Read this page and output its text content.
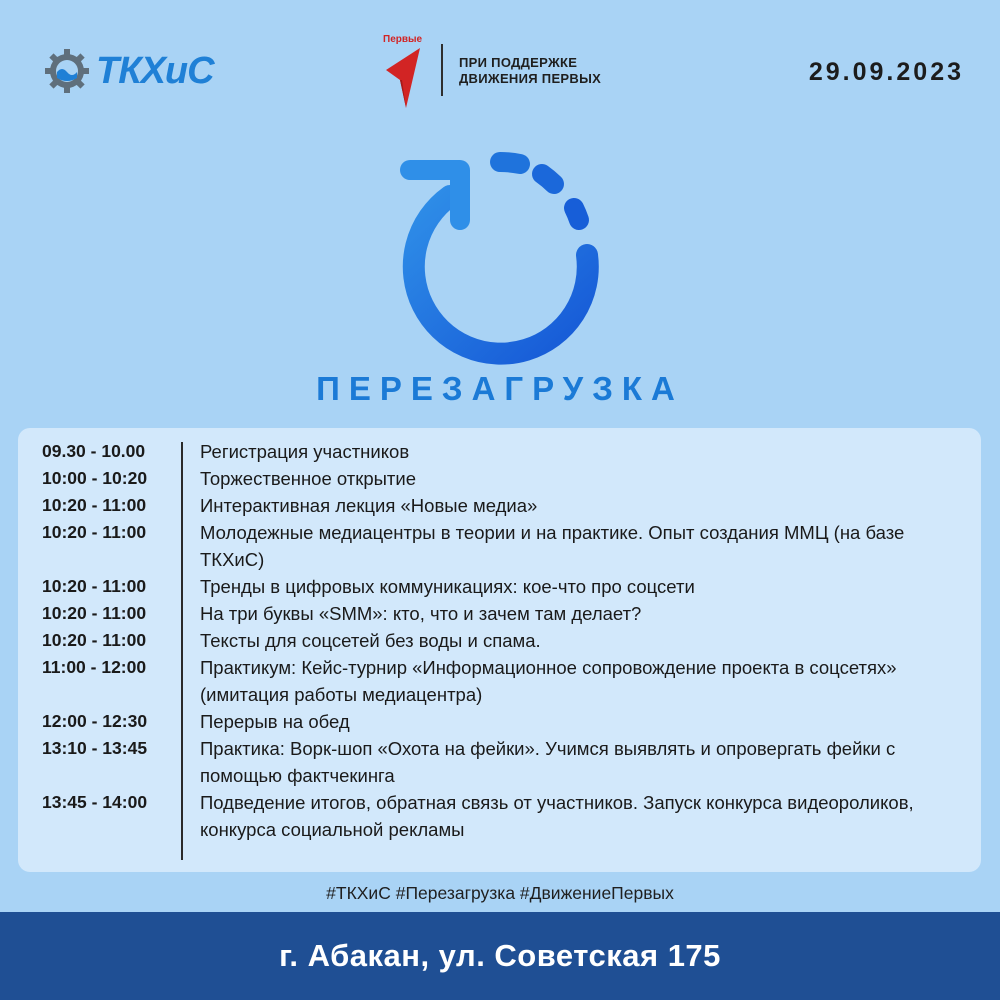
ТКХиС
Первые
ПРИ ПОДДЕРЖКЕ
ДВИЖЕНИЯ ПЕРВЫХ	29.09.2023
ПЕРЕЗАГРУЗКА
09.30 - 10.00	Регистрация участников
10:00 - 10:20	Торжественное открытие
10:20 - 11:00	Интерактивная лекция «Новые медиа»
10:20 - 11:00	Молодежные медиацентры в теории и на практике. Опыт создания ММЦ (на базе ТКХиС)
10:20 - 11:00	Тренды в цифровых коммуникациях: кое-что про соцсети
10:20 - 11:00	На три буквы «SMM»: кто, что и зачем там делает?
10:20 - 11:00	Тексты для соцсетей без воды и спама.
11:00 - 12:00	Практикум: Кейс-турнир «Информационное сопровождение проекта в соцсетях» (имитация работы медиацентра)
12:00 - 12:30	Перерыв на обед
13:10 - 13:45	Практика: Ворк-шоп «Охота на фейки». Учимся выявлять и опровергать фейки с помощью фактчекинга
13:45 - 14:00	Подведение итогов, обратная связь от участников. Запуск конкурса видеороликов, конкурса социальной рекламы
#ТКХиС #Перезагрузка #ДвижениеПервых
г. Абакан, ул. Советская 175
